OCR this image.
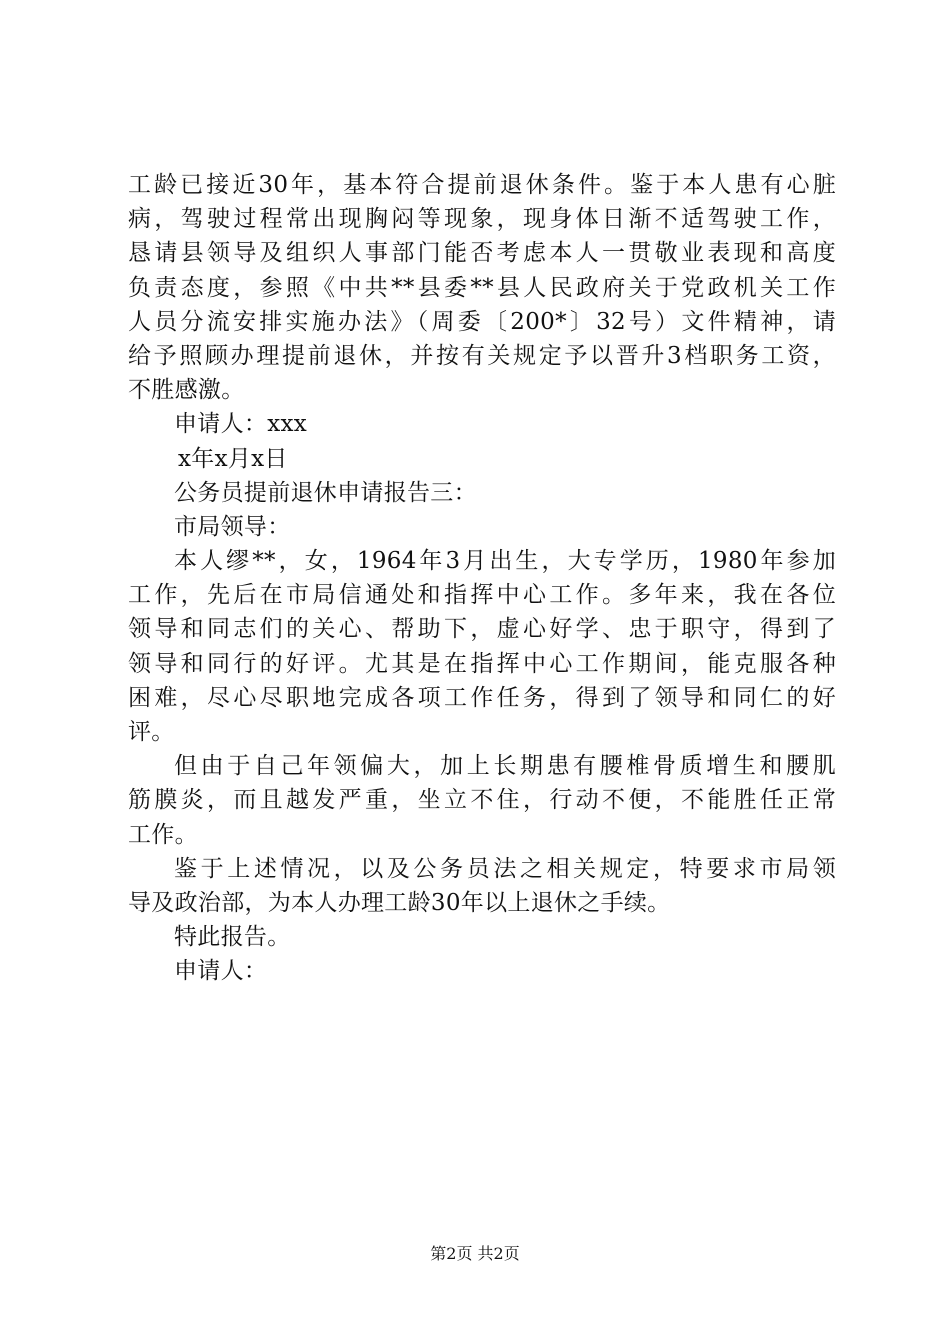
工龄已接近30年，基本符合提前退休条件。鉴于本人患有心脏
病，驾驶过程常出现胸闷等现象，现身体日渐不适驾驶工作，
恳请县领导及组织人事部门能否考虑本人一贯敬业表现和高度
负责态度，参照《中共**县委**县人民政府关于党政机关工作
人员分流安排实施办法》（周委〔200*〕32号）文件精神，请
给予照顾办理提前退休，并按有关规定予以晋升3档职务工资，
不胜感激。
申请人：xxx
x年x月x日
公务员提前退休申请报告三：
市局领导：
本人缪**，女，1964年3月出生，大专学历，1980年参加
工作，先后在市局信通处和指挥中心工作。多年来，我在各位
领导和同志们的关心、帮助下，虚心好学、忠于职守，得到了
领导和同行的好评。尤其是在指挥中心工作期间，能克服各种
困难，尽心尽职地完成各项工作任务，得到了领导和同仁的好
评。
但由于自己年领偏大，加上长期患有腰椎骨质增生和腰肌
筋膜炎，而且越发严重，坐立不住，行动不便，不能胜任正常
工作。
鉴于上述情况，以及公务员法之相关规定，特要求市局领
导及政治部，为本人办理工龄30年以上退休之手续。
特此报告。
申请人：
第2页 共2页
